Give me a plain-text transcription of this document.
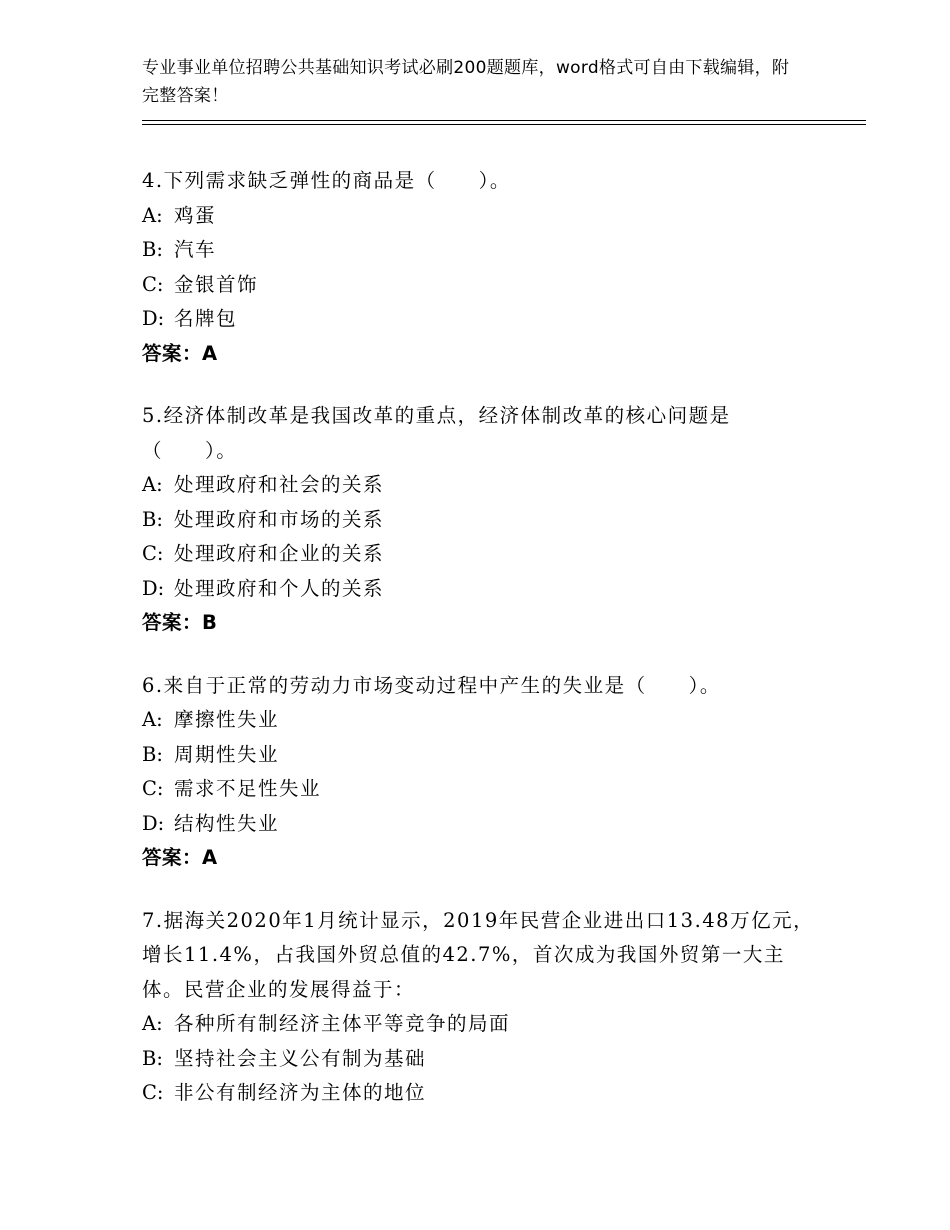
专业事业单位招聘公共基础知识考试必刷200题题库，word格式可自由下载编辑，附完整答案！
4.下列需求缺乏弹性的商品是（　　）。
A: 鸡蛋
B: 汽车
C: 金银首饰
D: 名牌包
答案：A
5.经济体制改革是我国改革的重点，经济体制改革的核心问题是（　　）。
A: 处理政府和社会的关系
B: 处理政府和市场的关系
C: 处理政府和企业的关系
D: 处理政府和个人的关系
答案：B
6.来自于正常的劳动力市场变动过程中产生的失业是（　　）。
A: 摩擦性失业
B: 周期性失业
C: 需求不足性失业
D: 结构性失业
答案：A
7.据海关2020年1月统计显示，2019年民营企业进出口13.48万亿元，增长11.4%，占我国外贸总值的42.7%，首次成为我国外贸第一大主体。民营企业的发展得益于：
A: 各种所有制经济主体平等竞争的局面
B: 坚持社会主义公有制为基础
C: 非公有制经济为主体的地位
